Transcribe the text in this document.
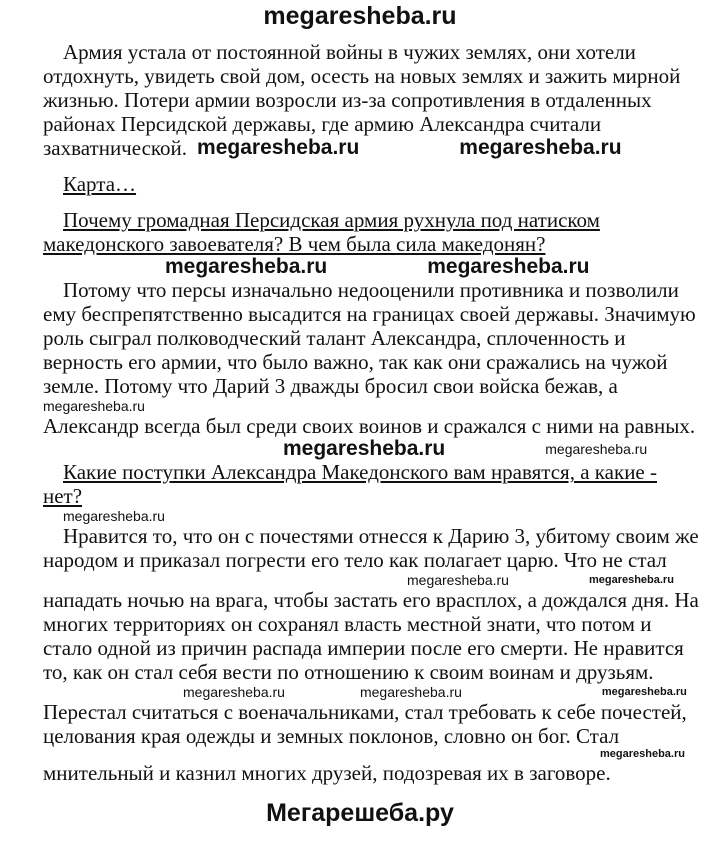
megaresheba.ru
Армия устала от постоянной войны в чужих землях, они хотели
отдохнуть, увидеть свой дом, осесть на новых землях и зажить мирной
жизнью. Потери армии возросли из-за сопротивления в отдаленных
районах Персидской державы, где армию Александра считали
захватнической. megaresheba.ru	megaresheba.ru
Карта…
Почему громадная Персидская армия рухнула под натиском
македонского завоевателя? В чем была сила македонян?
megaresheba.ru	megaresheba.ru
Потому что персы изначально недооценили противника и позволили
ему беспрепятственно высадится на границах своей державы. Значимую
роль сыграл полководческий талант Александра, сплоченность и
верность его армии, что было важно, так как они сражались на чужой
земле. Потому что Дарий 3 дважды бросил свои войска бежав, а
megaresheba.ru
Александр всегда был среди своих воинов и сражался с ними на равных.
megaresheba.ru	megaresheba.ru
Какие поступки Александра Македонского вам нравятся, а какие -
нет?
megaresheba.ru
Нравится то, что он с почестями отнесся к Дарию 3, убитому своим же
народом и приказал погрести его тело как полагает царю. Что не стал
megaresheba.ru	megaresheba.ru
нападать ночью на врага, чтобы застать его врасплох, а дождался дня. На
многих территориях он сохранял власть местной знати, что потом и
стало одной из причин распада империи после его смерти. Не нравится
то, как он стал себя вести по отношению к своим воинам и друзьям.
megaresheba.ru	megaresheba.ru	megaresheba.ru
Перестал считаться с военачальниками, стал требовать к себе почестей,
целования края одежды и земных поклонов, словно он бог. Стал
megaresheba.ru
мнительный и казнил многих друзей, подозревая их в заговоре.
Мегарешеба.ру
